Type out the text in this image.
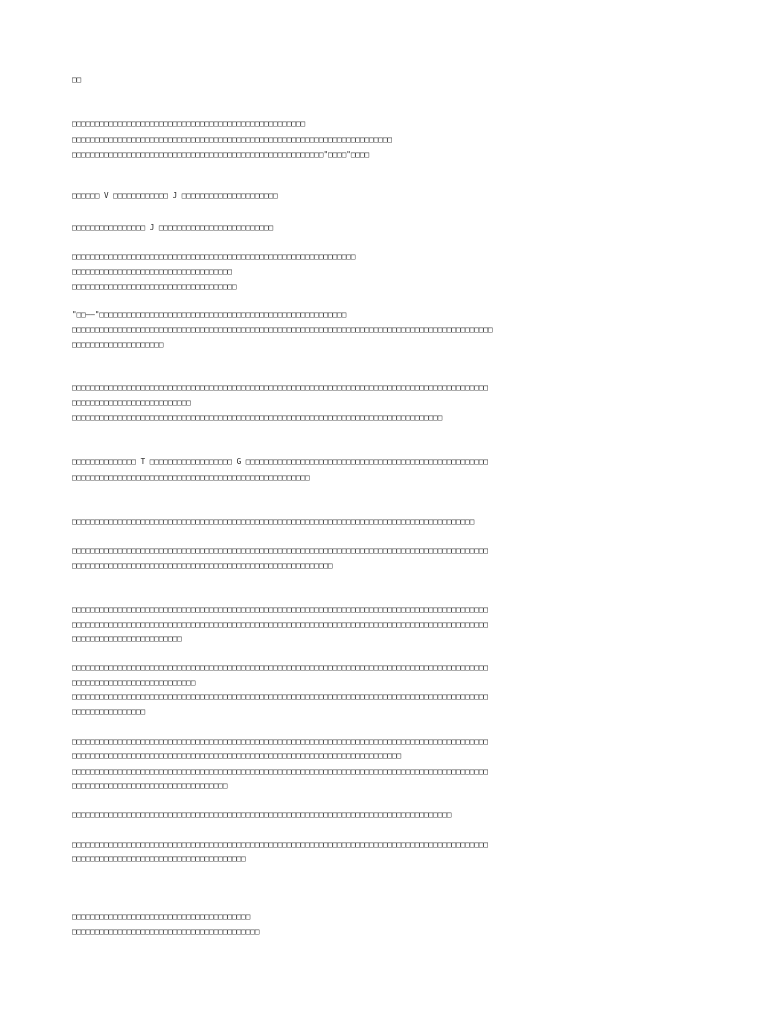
□□
□□□□□□□□□□□□□□□□□□□□□□□□□□□□□□□□□□□□□□□□□□□□□□□□□□□
□□□□□□□□□□□□□□□□□□□□□□□□□□□□□□□□□□□□□□□□□□□□□□□□□□□□□□□□□□□□□□□□□□□□□□
□□□□□□□□□□□□□□□□□□□□□□□□□□□□□□□□□□□□□□□□□□□□□□□□□□□□□□□"□□□□"□□□□
□□□□□□ V □□□□□□□□□□□□ J □□□□□□□□□□□□□□□□□□□□□
□□□□□□□□□□□□□□□□ J □□□□□□□□□□□□□□□□□□□□□□□□□
□□□□□□□□□□□□□□□□□□□□□□□□□□□□□□□□□□□□□□□□□□□□□□□□□□□□□□□□□□□□□□
□□□□□□□□□□□□□□□□□□□□□□□□□□□□□□□□□□□
□□□□□□□□□□□□□□□□□□□□□□□□□□□□□□□□□□□□
"□□——"□□□□□□□□□□□□□□□□□□□□□□□□□□□□□□□□□□□□□□□□□□□□□□□□□□□□□□
□□□□□□□□□□□□□□□□□□□□□□□□□□□□□□□□□□□□□□□□□□□□□□□□□□□□□□□□□□□□□□□□□□□□□□□□□□□□□□□□□□□□□□□□□□□□
□□□□□□□□□□□□□□□□□□□□
□□□□□□□□□□□□□□□□□□□□□□□□□□□□□□□□□□□□□□□□□□□□□□□□□□□□□□□□□□□□□□□□□□□□□□□□□□□□□□□□□□□□□□□□□□□
□□□□□□□□□□□□□□□□□□□□□□□□□□
□□□□□□□□□□□□□□□□□□□□□□□□□□□□□□□□□□□□□□□□□□□□□□□□□□□□□□□□□□□□□□□□□□□□□□□□□□□□□□□□□
□□□□□□□□□□□□□□ T □□□□□□□□□□□□□□□□□□ G □□□□□□□□□□□□□□□□□□□□□□□□□□□□□□□□□□□□□□□□□□□□□□□□□□□□□
□□□□□□□□□□□□□□□□□□□□□□□□□□□□□□□□□□□□□□□□□□□□□□□□□□□□
□□□□□□□□□□□□□□□□□□□□□□□□□□□□□□□□□□□□□□□□□□□□□□□□□□□□□□□□□□□□□□□□□□□□□□□□□□□□□□□□□□□□□□□□
□□□□□□□□□□□□□□□□□□□□□□□□□□□□□□□□□□□□□□□□□□□□□□□□□□□□□□□□□□□□□□□□□□□□□□□□□□□□□□□□□□□□□□□□□□□
□□□□□□□□□□□□□□□□□□□□□□□□□□□□□□□□□□□□□□□□□□□□□□□□□□□□□□□□□
□□□□□□□□□□□□□□□□□□□□□□□□□□□□□□□□□□□□□□□□□□□□□□□□□□□□□□□□□□□□□□□□□□□□□□□□□□□□□□□□□□□□□□□□□□□
□□□□□□□□□□□□□□□□□□□□□□□□□□□□□□□□□□□□□□□□□□□□□□□□□□□□□□□□□□□□□□□□□□□□□□□□□□□□□□□□□□□□□□□□□□□
□□□□□□□□□□□□□□□□□□□□□□□□
□□□□□□□□□□□□□□□□□□□□□□□□□□□□□□□□□□□□□□□□□□□□□□□□□□□□□□□□□□□□□□□□□□□□□□□□□□□□□□□□□□□□□□□□□□□
□□□□□□□□□□□□□□□□□□□□□□□□□□□
□□□□□□□□□□□□□□□□□□□□□□□□□□□□□□□□□□□□□□□□□□□□□□□□□□□□□□□□□□□□□□□□□□□□□□□□□□□□□□□□□□□□□□□□□□□
□□□□□□□□□□□□□□□□
□□□□□□□□□□□□□□□□□□□□□□□□□□□□□□□□□□□□□□□□□□□□□□□□□□□□□□□□□□□□□□□□□□□□□□□□□□□□□□□□□□□□□□□□□□□
□□□□□□□□□□□□□□□□□□□□□□□□□□□□□□□□□□□□□□□□□□□□□□□□□□□□□□□□□□□□□□□□□□□□□□□□
□□□□□□□□□□□□□□□□□□□□□□□□□□□□□□□□□□□□□□□□□□□□□□□□□□□□□□□□□□□□□□□□□□□□□□□□□□□□□□□□□□□□□□□□□□□
□□□□□□□□□□□□□□□□□□□□□□□□□□□□□□□□□□
□□□□□□□□□□□□□□□□□□□□□□□□□□□□□□□□□□□□□□□□□□□□□□□□□□□□□□□□□□□□□□□□□□□□□□□□□□□□□□□□□□□
□□□□□□□□□□□□□□□□□□□□□□□□□□□□□□□□□□□□□□□□□□□□□□□□□□□□□□□□□□□□□□□□□□□□□□□□□□□□□□□□□□□□□□□□□□□
□□□□□□□□□□□□□□□□□□□□□□□□□□□□□□□□□□□□□□
□□□□□□□□□□□□□□□□□□□□□□□□□□□□□□□□□□□□□□□
□□□□□□□□□□□□□□□□□□□□□□□□□□□□□□□□□□□□□□□□□
